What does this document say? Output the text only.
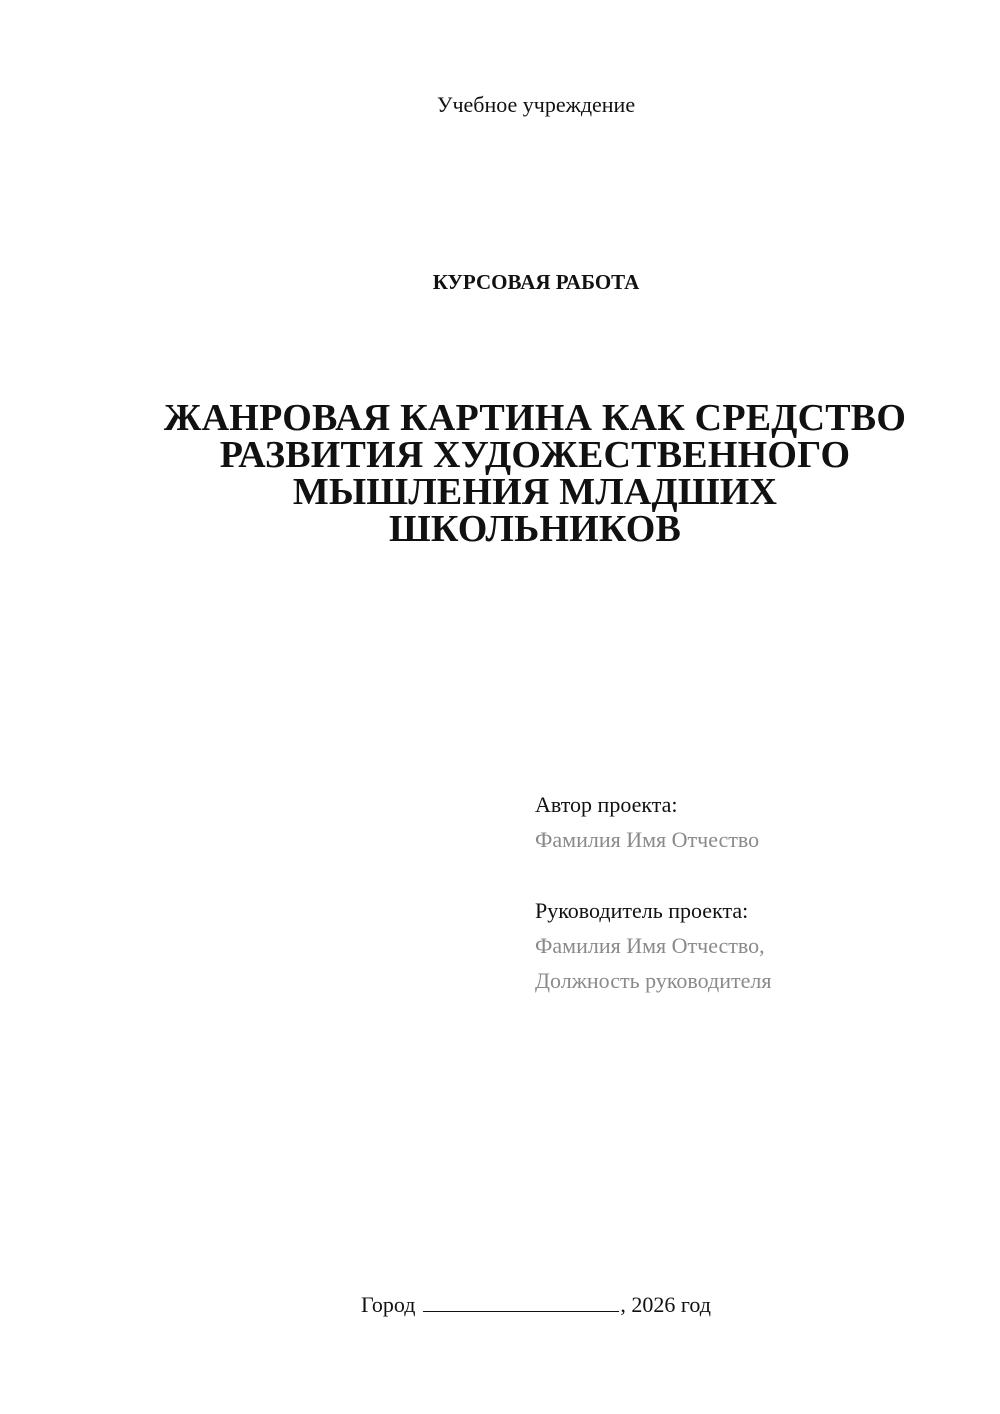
Учебное учреждение
КУРСОВАЯ РАБОТА
ЖАНРОВАЯ КАРТИНА КАК СРЕДСТВО
РАЗВИТИЯ ХУДОЖЕСТВЕННОГО
МЫШЛЕНИЯ МЛАДШИХ
ШКОЛЬНИКОВ
Автор проекта:
Фамилия Имя Отчество
Руководитель проекта:
Фамилия Имя Отчество,
Должность руководителя
Город	, 2026 год
